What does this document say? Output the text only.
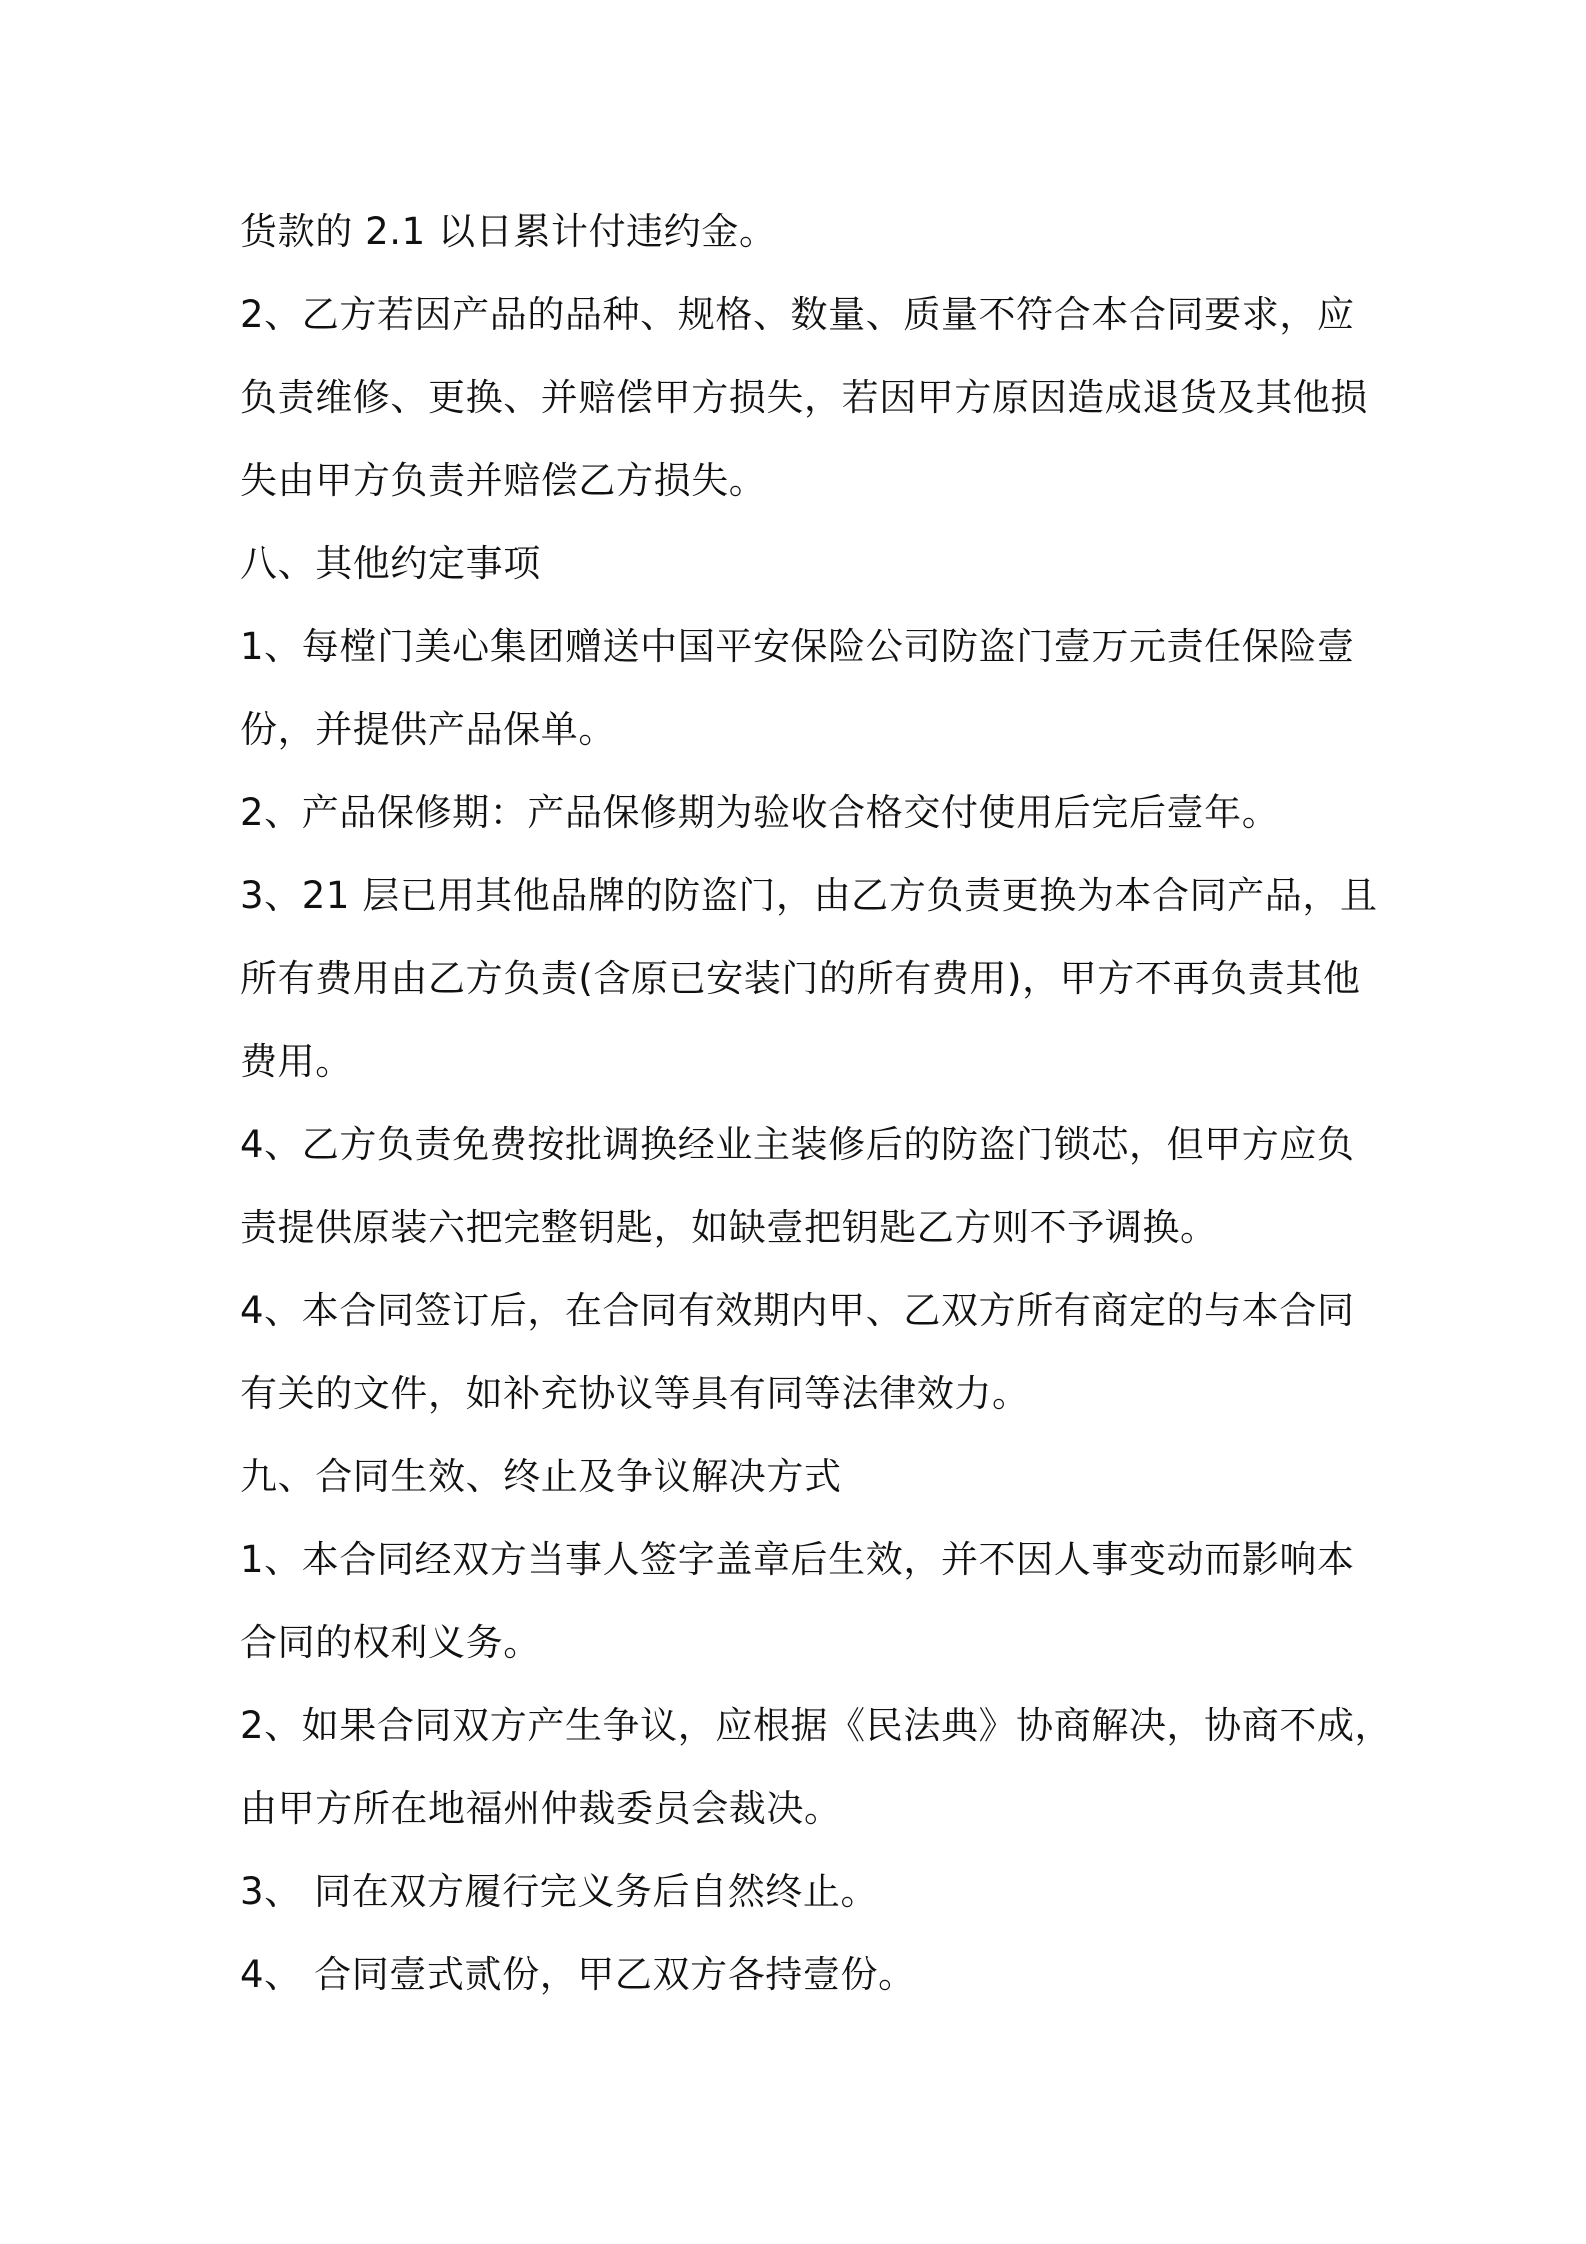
货款的 2.1 以日累计付违约金。
2、乙方若因产品的品种、规格、数量、质量不符合本合同要求，应
负责维修、更换、并赔偿甲方损失，若因甲方原因造成退货及其他损
失由甲方负责并赔偿乙方损失。
八、其他约定事项
1、每樘门美心集团赠送中国平安保险公司防盗门壹万元责任保险壹
份，并提供产品保单。
2、产品保修期：产品保修期为验收合格交付使用后完后壹年。
3、21 层已用其他品牌的防盗门，由乙方负责更换为本合同产品，且
所有费用由乙方负责(含原已安装门的所有费用)，甲方不再负责其他
费用。
4、乙方负责免费按批调换经业主装修后的防盗门锁芯，但甲方应负
责提供原装六把完整钥匙，如缺壹把钥匙乙方则不予调换。
4、本合同签订后，在合同有效期内甲、乙双方所有商定的与本合同
有关的文件，如补充协议等具有同等法律效力。
九、合同生效、终止及争议解决方式
1、本合同经双方当事人签字盖章后生效，并不因人事变动而影响本
合同的权利义务。
2、如果合同双方产生争议，应根据《民法典》协商解决，协商不成，
由甲方所在地福州仲裁委员会裁决。
3、 同在双方履行完义务后自然终止。
4、 合同壹式贰份，甲乙双方各持壹份。
